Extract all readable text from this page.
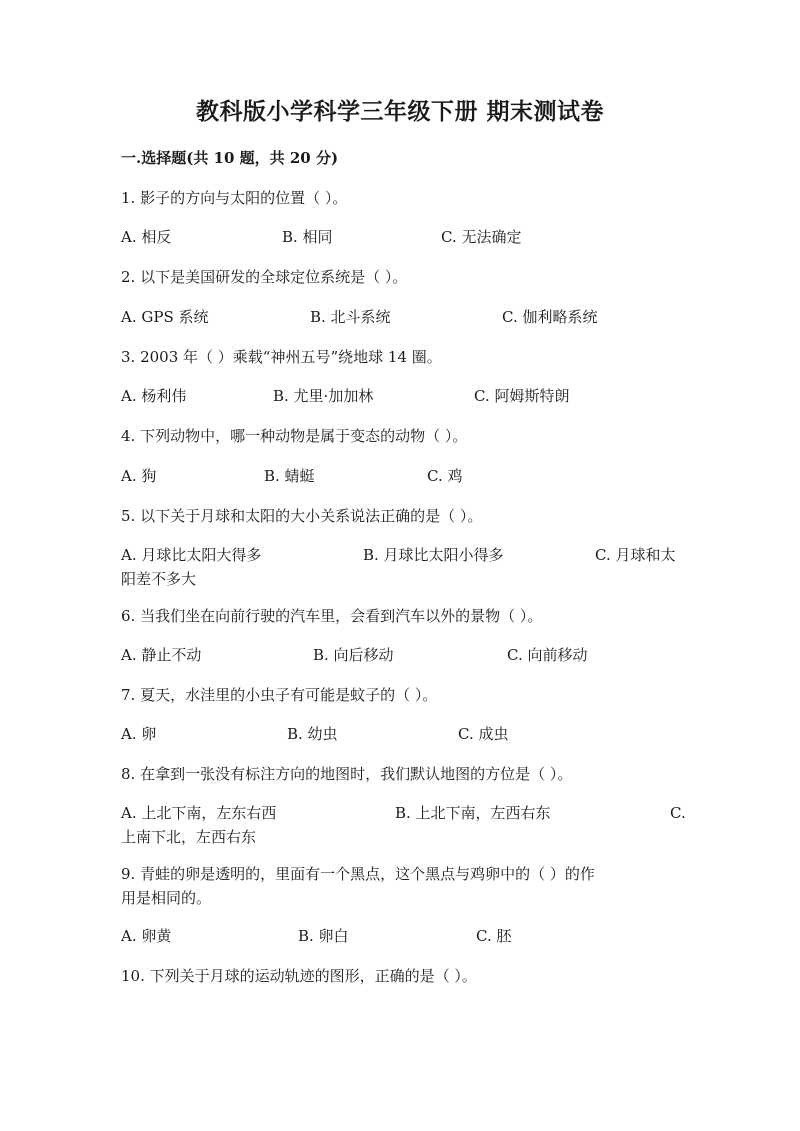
教科版小学科学三年级下册 期末测试卷
一.选择题(共 10 题，共 20 分)
1. 影子的方向与太阳的位置（ ）。
A. 相反	B. 相同	C. 无法确定
2. 以下是美国研发的全球定位系统是（ ）。
A. GPS 系统	B. 北斗系统	C. 伽利略系统
3. 2003 年（ ）乘载“神州五号”绕地球 14 圈。
A. 杨利伟	B. 尤里·加加林	C. 阿姆斯特朗
4. 下列动物中，哪一种动物是属于变态的动物（ ）。
A. 狗	B. 蜻蜓	C. 鸡
5. 以下关于月球和太阳的大小关系说法正确的是（ ）。
A. 月球比太阳大得多	B. 月球比太阳小得多	C. 月球和太
阳差不多大
6. 当我们坐在向前行驶的汽车里，会看到汽车以外的景物（ ）。
A. 静止不动	B. 向后移动	C. 向前移动
7. 夏天，水洼里的小虫子有可能是蚊子的（ ）。
A. 卵	B. 幼虫	C. 成虫
8. 在拿到一张没有标注方向的地图时，我们默认地图的方位是（ ）。
A. 上北下南，左东右西	B. 上北下南，左西右东	C.
上南下北，左西右东
9. 青蛙的卵是透明的，里面有一个黑点，这个黑点与鸡卵中的（ ）的作
用是相同的。
A. 卵黄	B. 卵白	C. 胚
10. 下列关于月球的运动轨迹的图形，正确的是（ ）。
